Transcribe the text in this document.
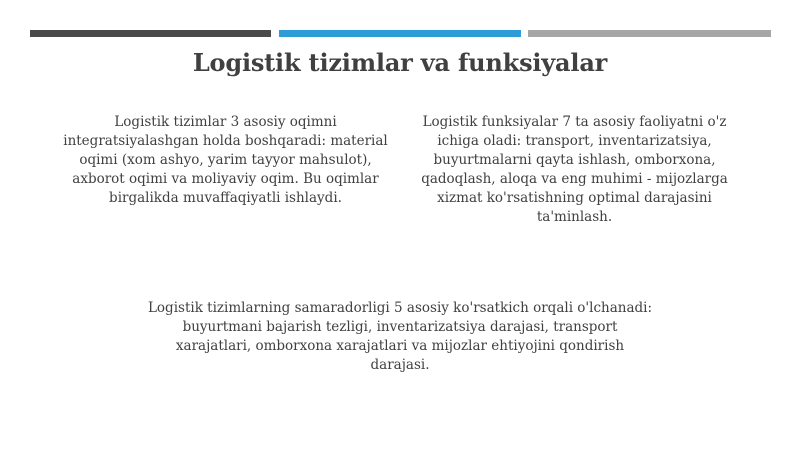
Logistik tizimlar va funksiyalar
Logistik tizimlar 3 asosiy oqimni integratsiyalashgan holda boshqaradi: material oqimi (xom ashyo, yarim tayyor mahsulot), axborot oqimi va moliyaviy oqim. Bu oqimlar birgalikda muvaffaqiyatli ishlaydi.
Logistik funksiyalar 7 ta asosiy faoliyatni o'z ichiga oladi: transport, inventarizatsiya, buyurtmalarni qayta ishlash, omborxona, qadoqlash, aloqa va eng muhimi - mijozlarga xizmat ko'rsatishning optimal darajasini ta'minlash.
Logistik tizimlarning samaradorligi 5 asosiy ko'rsatkich orqali o'lchanadi: buyurtmani bajarish tezligi, inventarizatsiya darajasi, transport xarajatlari, omborxona xarajatlari va mijozlar ehtiyojini qondirish darajasi.
